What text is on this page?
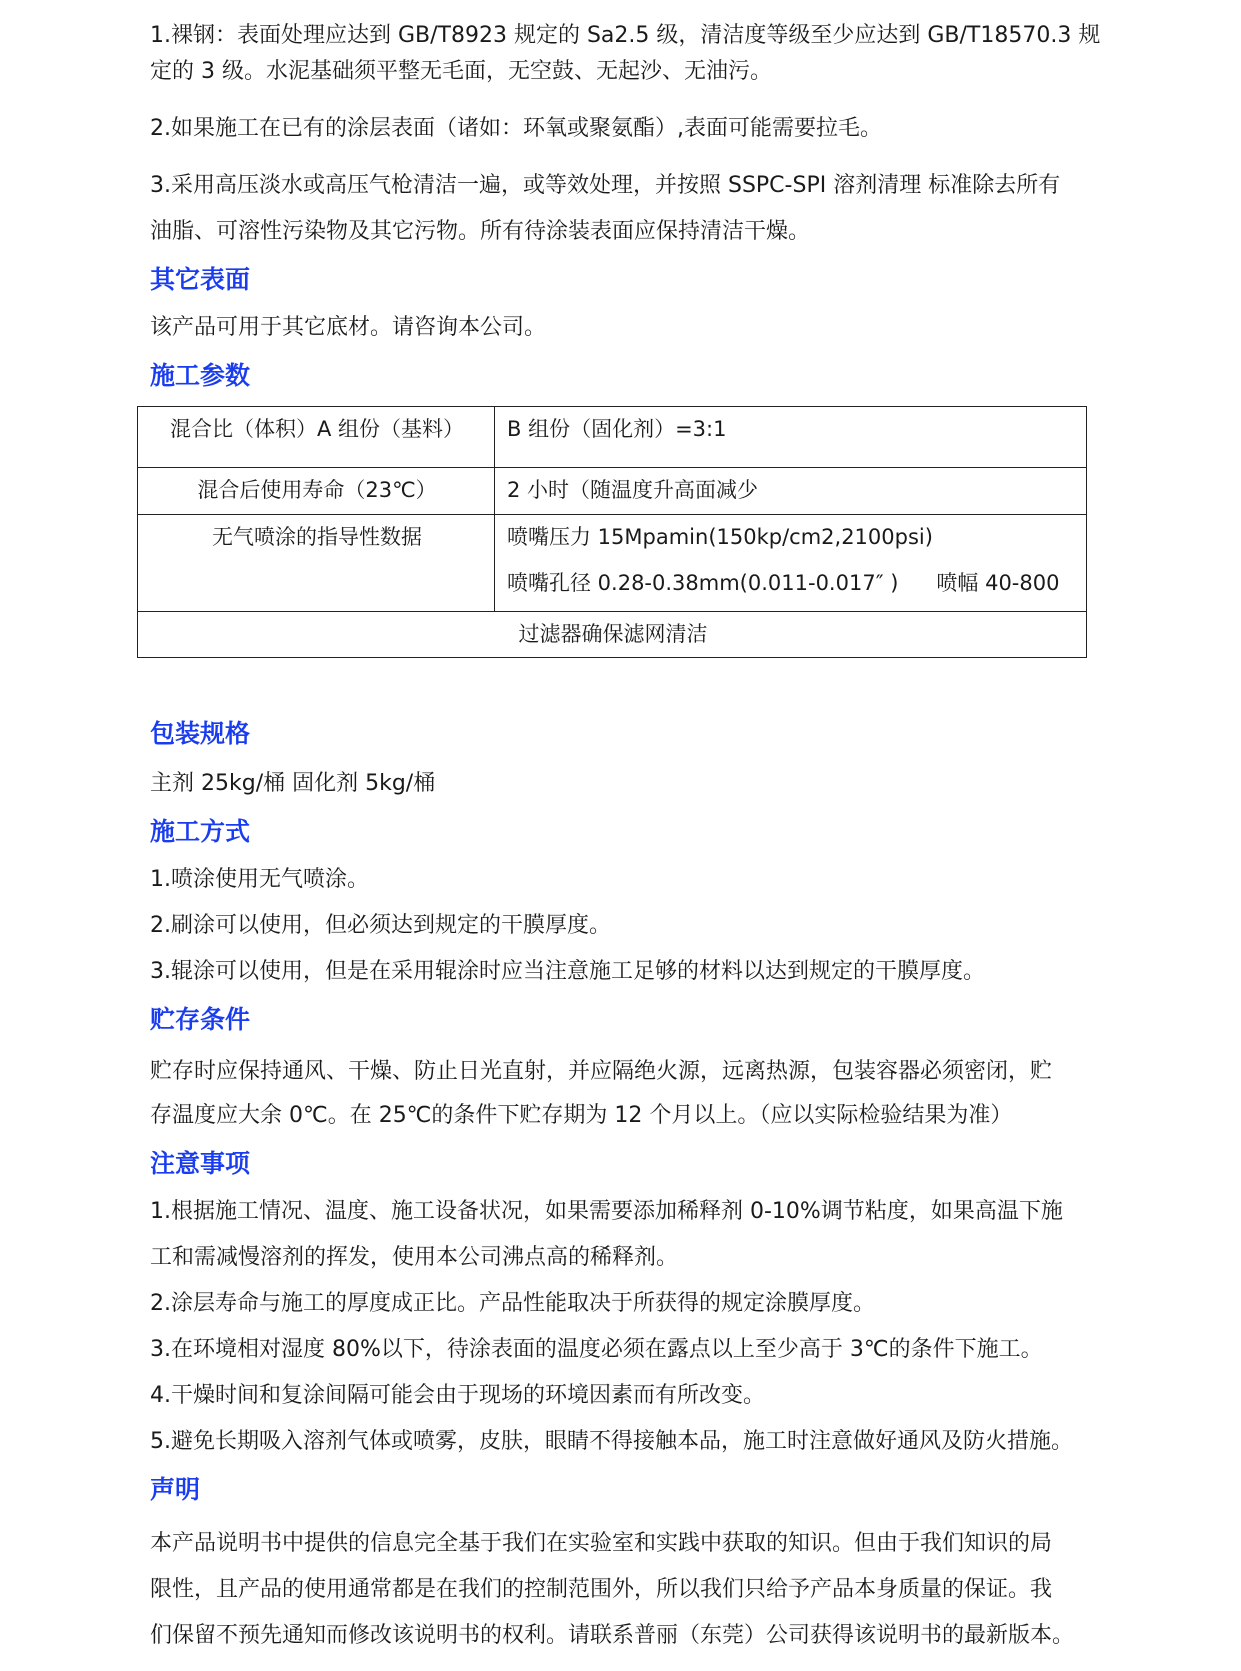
1.裸钢：表面处理应达到 GB/T8923 规定的 Sa2.5 级，清洁度等级至少应达到 GB/T18570.3 规
定的 3 级。水泥基础须平整无毛面，无空鼓、无起沙、无油污。
2.如果施工在已有的涂层表面（诸如：环氧或聚氨酯）,表面可能需要拉毛。
3.采用高压淡水或高压气枪清洁一遍，或等效处理，并按照 SSPC-SPI 溶剂清理 标准除去所有
油脂、可溶性污染物及其它污物。所有待涂装表面应保持清洁干燥。
其它表面
该产品可用于其它底材。请咨询本公司。
施工参数
混合比（体积）A 组份（基料）	B 组份（固化剂）=3:1

混合后使用寿命（23℃）	2 小时（随温度升高面减少

无气喷涂的指导性数据	喷嘴压力 15Mpamin(150kp/cm2,2100psi)
喷嘴孔径 0.28-0.38mm(0.011-0.017″ ) 喷幅 40-800

过滤器确保滤网清洁	
包装规格
主剂 25kg/桶 固化剂 5kg/桶
施工方式
1.喷涂使用无气喷涂。
2.刷涂可以使用，但必须达到规定的干膜厚度。
3.辊涂可以使用，但是在采用辊涂时应当注意施工足够的材料以达到规定的干膜厚度。
贮存条件
贮存时应保持通风、干燥、防止日光直射，并应隔绝火源，远离热源，包装容器必须密闭，贮
存温度应大余 0℃。在 25℃的条件下贮存期为 12 个月以上。（应以实际检验结果为准）
注意事项
1.根据施工情况、温度、施工设备状况，如果需要添加稀释剂 0-10%调节粘度，如果高温下施
工和需减慢溶剂的挥发，使用本公司沸点高的稀释剂。
2.涂层寿命与施工的厚度成正比。产品性能取决于所获得的规定涂膜厚度。
3.在环境相对湿度 80%以下，待涂表面的温度必须在露点以上至少高于 3℃的条件下施工。
4.干燥时间和复涂间隔可能会由于现场的环境因素而有所改变。
5.避免长期吸入溶剂气体或喷雾，皮肤，眼睛不得接触本品，施工时注意做好通风及防火措施。
声明
本产品说明书中提供的信息完全基于我们在实验室和实践中获取的知识。但由于我们知识的局
限性，且产品的使用通常都是在我们的控制范围外，所以我们只给予产品本身质量的保证。我
们保留不预先通知而修改该说明书的权利。请联系普丽（东莞）公司获得该说明书的最新版本。
